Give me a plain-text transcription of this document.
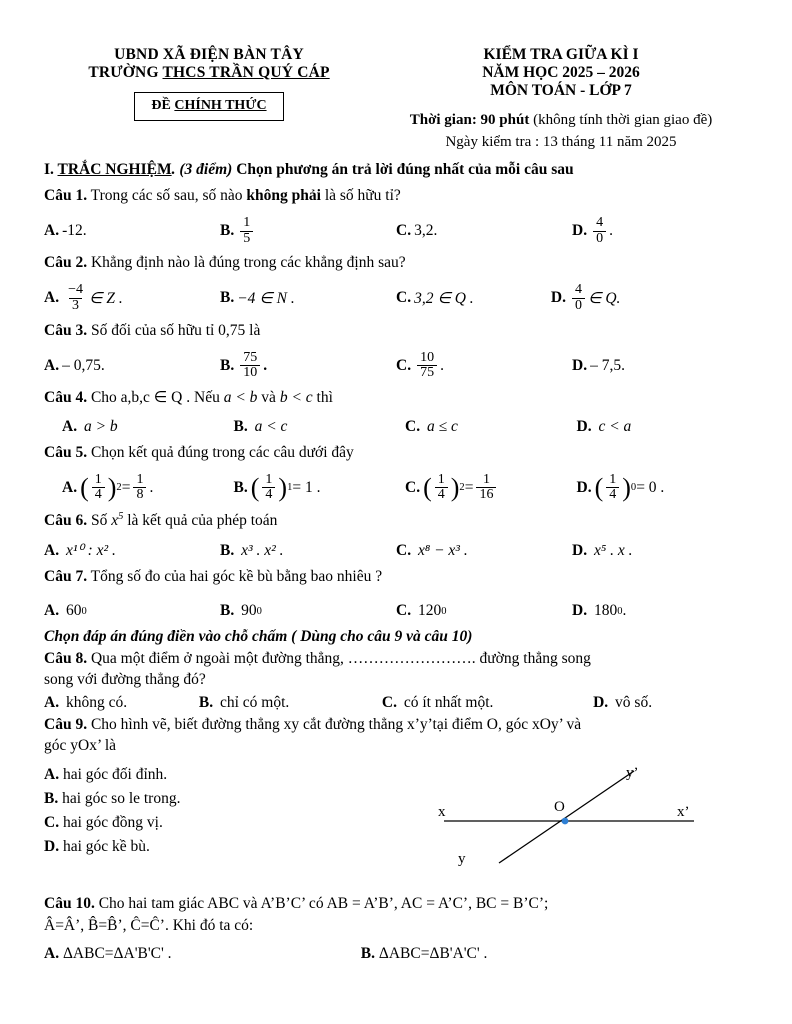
UBND XÃ ĐIỆN BÀN TÂY
TRƯỜNG THCS TRẦN QUÝ CÁP
ĐỀ CHÍNH THỨC
KIỂM TRA GIỮA KÌ I
NĂM HỌC 2025 – 2026
MÔN TOÁN - LỚP 7
Thời gian: 90 phút (không tính thời gian giao đề)
Ngày kiểm tra : 13 tháng 11 năm 2025
I. TRẮC NGHIỆM. (3 điểm) Chọn phương án trả lời đúng nhất của mỗi câu sau
Câu 1. Trong các số sau, số nào không phải là số hữu tỉ?
A. -12.	B. $\frac{1}{5}$	C. 3,2.	D. $\frac{4}{0}$ .
Câu 2. Khẳng định nào là đúng trong các khẳng định sau?
A. $\frac{-4}{3}$ ∈ Z .	B. −4 ∈ N .	C. 3,2 ∈ Q .	D. $\frac{4}{0}$ ∈ Q.
Câu 3. Số đối của số hữu tỉ 0,75 là
A. – 0,75.	B. $\frac{75}{10}$ .	C. $\frac{10}{75}$ .	D. – 7,5.
Câu 4. Cho a,b,c ∈ Q . Nếu a < b và b < c thì
A.
a > b	B.
a < c	C.
a ≤ c	D.
c < a
Câu 5. Chọn kết quả đúng trong các câu dưới đây
A. ( $\frac{1}{4}$ ) $2 = \frac{1}{8}$ .	B. ( $\frac{1}{4}$ ) 1 = 1 .	C. ( $\frac{1}{4}$ ) $2 = \frac{1}{16}$	D. ( $\frac{1}{4}$ ) 0 = 0 .
Câu 6. Số $x^5$ là kết quả của phép toán
A.
x¹⁰ : x² .	B.
x³ . x² .	C.
x⁸ − x³ .	D.
x⁵ . x .
Câu 7. Tổng số đo của hai góc kề bù bằng bao nhiêu ?
A.
60 0	B.
90 0	C.
120 0	D.
180 0 .
Chọn đáp án đúng điền vào chỗ chấm ( Dùng cho câu 9 và câu 10)
Câu 8. Qua một điểm ở ngoài một đường thẳng, ……………………. đường thẳng song
song với đường thẳng đó?
A.
không có.	B.
chỉ có một.	C.
có ít nhất một.	D.
vô số.
Câu 9. Cho hình vẽ, biết đường thẳng xy cắt đường thẳng x’y’tại điểm O, góc xOy’ và
góc yOx’ là
A. hai góc đối đỉnh.
B. hai góc so le trong.
C. hai góc đồng vị.
D. hai góc kề bù.
x	x’
y
y’
O
Câu 10. Cho hai tam giác ABC và A’B’C’ có AB = A’B’, AC = A’C’, BC = B’C’;
Â=Â’, B̂=B̂’, Ĉ=Ĉ’. Khi đó ta có:
A. ΔABC=ΔA'B'C' .	B. ΔABC=ΔB'A'C' .
